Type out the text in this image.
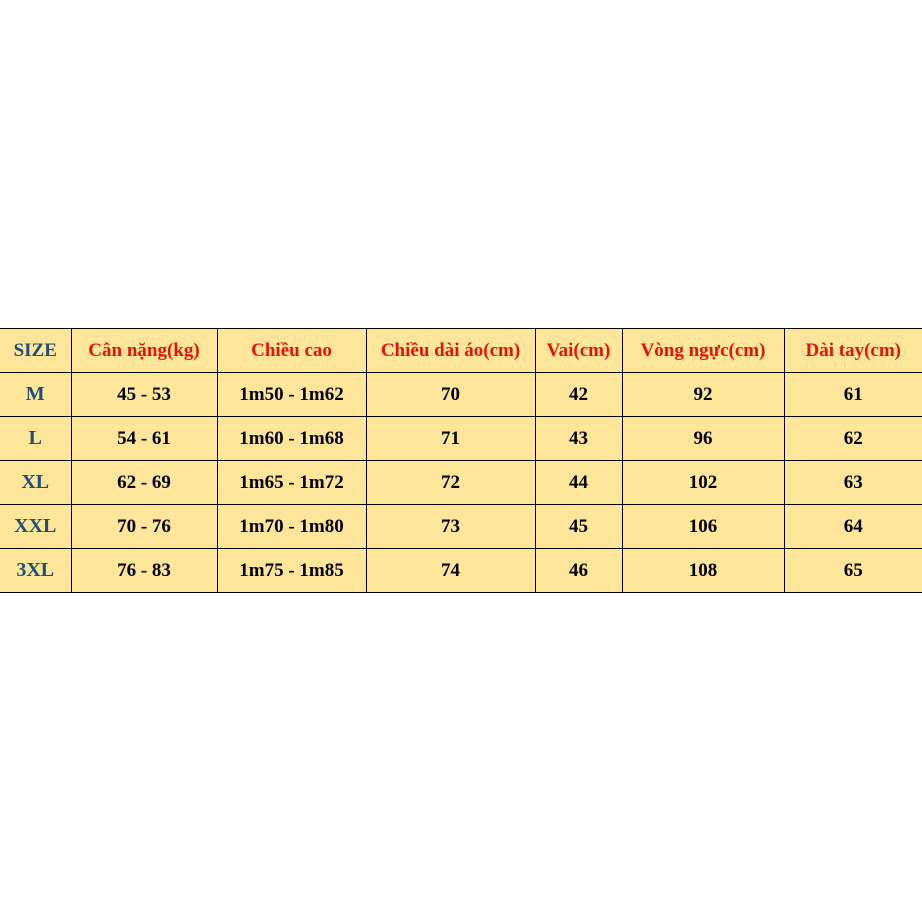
SIZE	Cân nặng(kg)	Chiều cao	Chiều dài áo(cm)	Vai(cm)	Vòng ngực(cm)	Dài tay(cm)
M	45 - 53	1m50 - 1m62	70	42	92	61
L	54 - 61	1m60 - 1m68	71	43	96	62
XL	62 - 69	1m65 - 1m72	72	44	102	63
XXL	70 - 76	1m70 - 1m80	73	45	106	64
3XL	76 - 83	1m75 - 1m85	74	46	108	65
